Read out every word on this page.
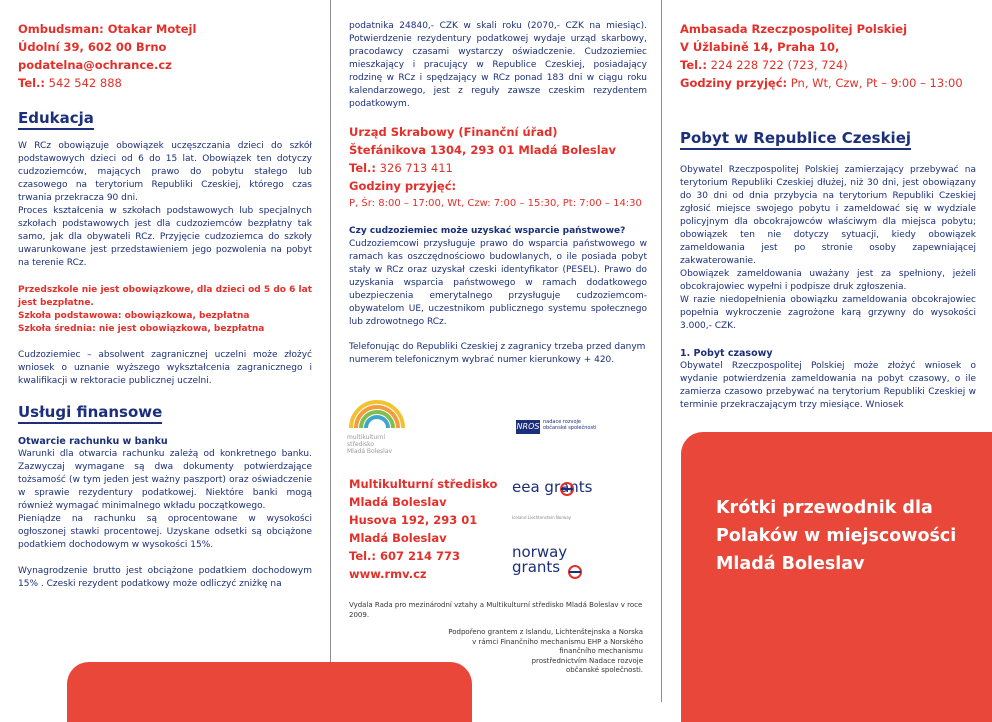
Ombudsman: Otakar Motejl
Údolní 39, 602 00 Brno
podatelna@ochrance.cz
Tel.: 542 542 888
Edukacja

W RCz obowiązuje obowiązek uczęszczania dzieci do szkół podstawowych dzieci od 6 do 15 lat. Obowiązek ten dotyczy cudzoziemców, mających prawo do pobytu stałego lub czasowego na terytorium Republiki Czeskiej, którego czas trwania przekracza 90 dni.

Proces kształcenia w szkołach podstawowych lub specjalnych szkołach podstawowych jest dla cudzoziemców bezpłatny tak samo, jak dla obywateli RCz. Przyjęcie cudzoziemca do szkoły uwarunkowane jest przedstawieniem jego pozwolenia na pobyt na terenie RCz.

Przedszkole nie jest obowiązkowe, dla dzieci od 5 do 6 lat jest bezpłatne.

Szkoła podstawowa: obowiązkowa, bezpłatna

Szkoła średnia: nie jest obowiązkowa, bezpłatna

Cudzoziemiec – absolwent zagranicznej uczelni może złożyć wniosek o uznanie wyższego wykształcenia zagranicznego i kwalifikacji w rektoracie publicznej uczelni.

Usługi finansowe
Otwarcie rachunku w banku

Warunki dla otwarcia rachunku zależą od konkretnego banku. Zazwyczaj wymagane są dwa dokumenty potwierdzające tożsamość (w tym jeden jest ważny paszport) oraz oświadczenie w sprawie rezydentury podatkowej. Niektóre banki mogą również wymagać minimalnego wkładu początkowego.

Pieniądze na rachunku są oprocentowane w wysokości ogłoszonej stawki procentowej. Uzyskane odsetki są obciążone podatkiem dochodowym w wysokości 15%.

Wynagrodzenie brutto jest obciążone podatkiem dochodowym 15% . Czeski rezydent podatkowy może odliczyć zniżkę na

podatnika 24840,- CZK w skali roku (2070,- CZK na miesiąc). Potwierdzenie rezydentury podatkowej wydaje urząd skarbowy, pracodawcy czasami wystarczy oświadczenie. Cudzoziemiec mieszkający i pracujący w Republice Czeskiej, posiadający rodzinę w RCz i spędzający w RCz ponad 183 dni w ciągu roku kalendarzowego, jest z reguły zawsze czeskim rezydentem podatkowym.

Urząd Skrabowy (Finanční úřad)
Štefánikova 1304, 293 01 Mladá Boleslav
Tel.: 326 713 411
Godziny przyjęć:
P, Śr: 8:00 – 17:00, Wt, Czw: 7:00 – 15:30, Pt: 7:00 – 14:30
Czy cudzoziemiec może uzyskać wsparcie państwowe?

Cudzoziemcowi przysługuje prawo do wsparcia państwowego w ramach kas oszczędnościowo budowlanych, o ile posiada pobyt stały w RCz oraz uzyskał czeski identyfikator (PESEL). Prawo do uzyskania wsparcia państwowego w ramach dodatkowego ubezpieczenia emerytalnego przysługuje cudzoziemcom-obywatelom UE, uczestnikom publicznego systemu społecznego lub zdrowotnego RCz.

Telefonując do Republiki Czeskiej z zagranicy trzeba przed danym numerem telefonicznym wybrać numer kierunkowy + 420.

multikulturní
středisko
Mladá Boleslav
NROS nadace rozvoje občanské společnosti
Multikulturní středisko
Mladá Boleslav
Husova 192, 293 01
Mladá Boleslav
Tel.: 607 214 773
www.rmv.cz
eea grants
Iceland Liechtenstein Norway
norway grants
Vydala Rada pro mezinárodní vztahy a Multikulturní středisko Mladá Boleslav v roce 2009.
Podpořeno grantem z Islandu, Lichtenštejnska a Norska
v rámci Finančního mechanismu EHP a Norského
finančního mechanismu
prostřednictvím Nadace rozvoje
občanské společnosti.
Ambasada Rzeczpospolitej Polskiej
V Úžlabině 14, Praha 10,
Tel.: 224 228 722 (723, 724)
Godziny przyjęć: Pn, Wt, Czw, Pt – 9:00 – 13:00
Pobyt w Republice Czeskiej

Obywatel Rzeczpospolitej Polskiej zamierzający przebywać na terytorium Republiki Czeskiej dłużej, niż 30 dni, jest obowiązany do 30 dni od dnia przybycia na terytorium Republiki Czeskiej zgłosić miejsce swojego pobytu i zameldować się w wydziale policyjnym dla obcokrajowców właściwym dla miejsca pobytu; obowiązek ten nie dotyczy sytuacji, kiedy obowiązek zameldowania jest po stronie osoby zapewniającej zakwaterowanie.

Obowiązek zameldowania uważany jest za spełniony, jeżeli obcokrajowiec wypełni i podpisze druk zgłoszenia.

W razie niedopełnienia obowiązku zameldowania obcokrajowiec popełnia wykroczenie zagrożone karą grzywny do wysokości 3.000,- CZK.

1. Pobyt czasowy

Obywatel Rzeczpospolitej Polskiej może złożyć wniosek o wydanie potwierdzenia zameldowania na pobyt czasowy, o ile zamierza czasowo przebywać na terytorium Republiki Czeskiej w terminie przekraczającym trzy miesiące. Wniosek

Krótki przewodnik dla
Polaków w miejscowości
Mladá Boleslav
